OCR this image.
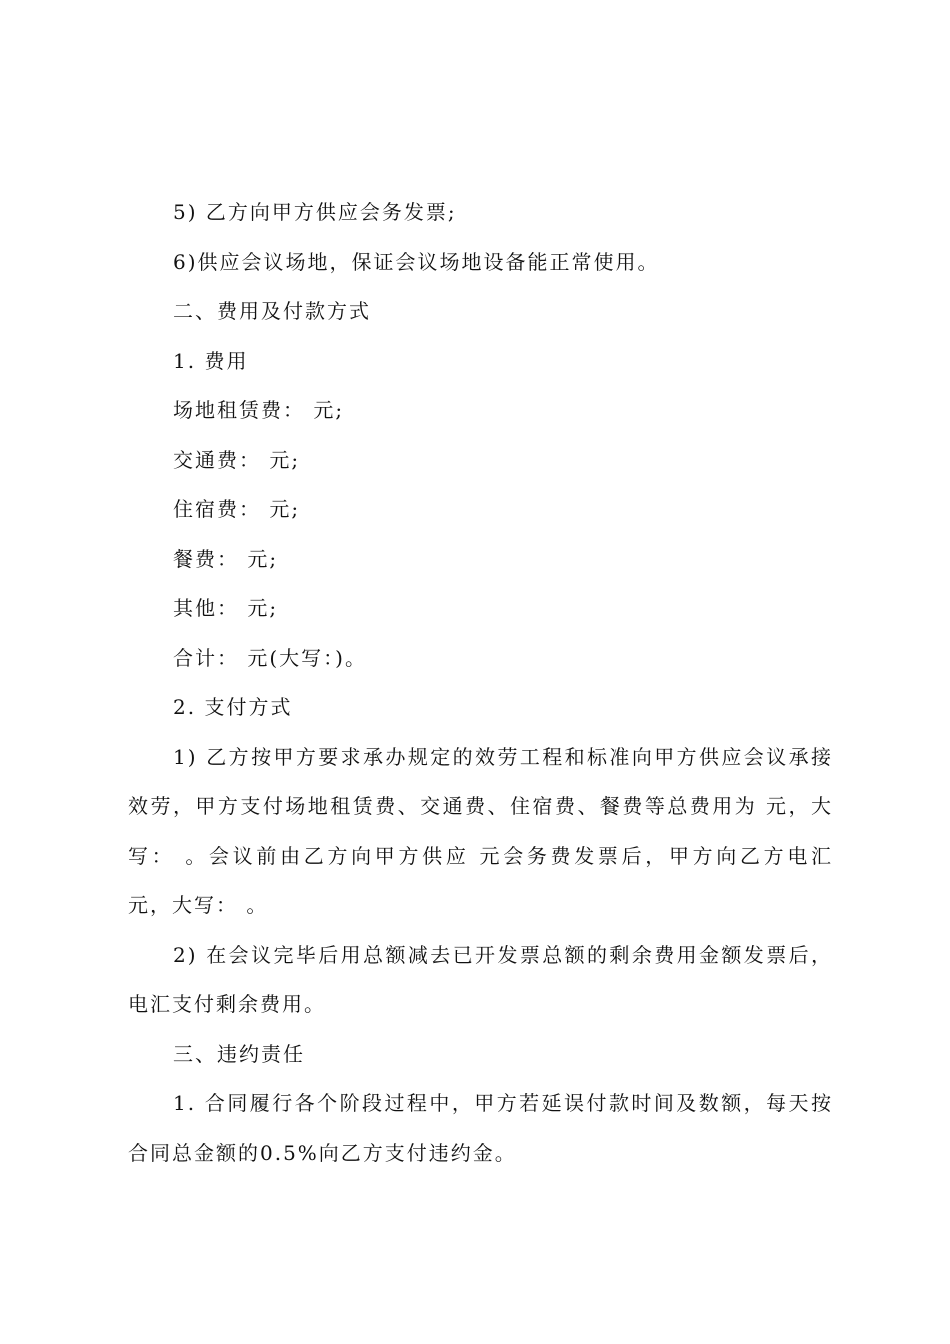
5) 乙方向甲方供应会务发票;

6)供应会议场地，保证会议场地设备能正常使用。

二、费用及付款方式

1. 费用

场地租赁费： 元;

交通费： 元;

住宿费： 元;

餐费： 元;

其他： 元;

合计： 元(大写：)。

2. 支付方式

1) 乙方按甲方要求承办规定的效劳工程和标准向甲方供应会议承接效劳，甲方支付场地租赁费、交通费、住宿费、餐费等总费用为 元，大写： 。会议前由乙方向甲方供应 元会务费发票后，甲方向乙方电汇 元，大写： 。

2) 在会议完毕后用总额减去已开发票总额的剩余费用金额发票后，电汇支付剩余费用。

三、违约责任

1. 合同履行各个阶段过程中，甲方若延误付款时间及数额，每天按合同总金额的0.5%向乙方支付违约金。
